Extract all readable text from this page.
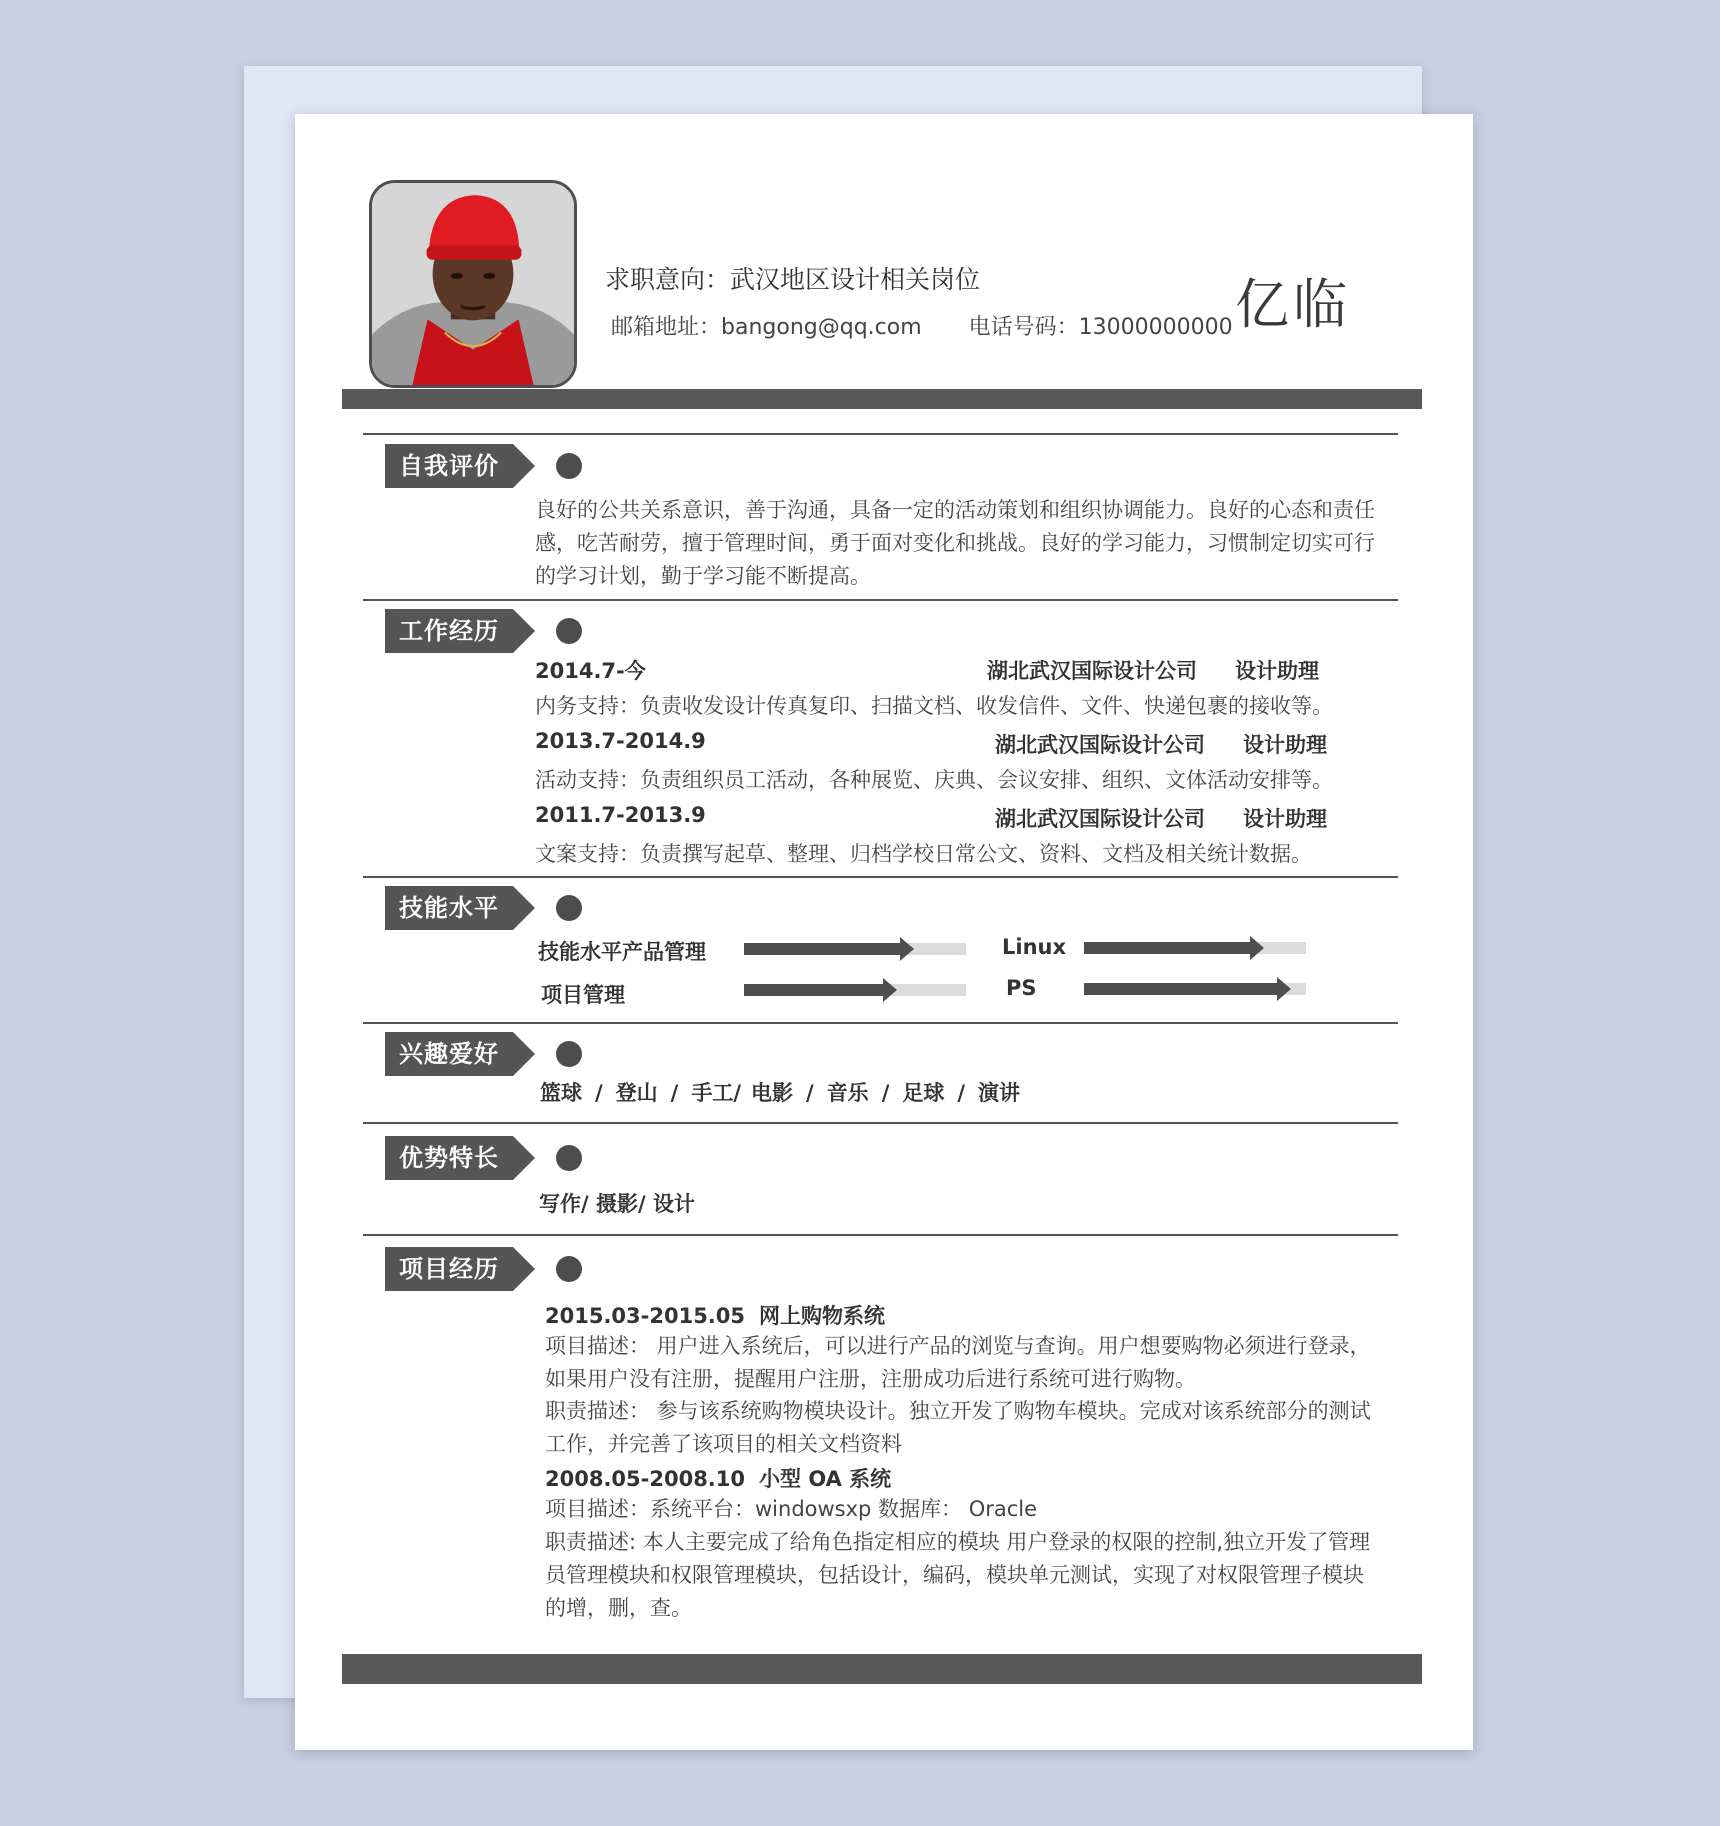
求职意向：武汉地区设计相关岗位
邮箱地址：bangong@qq.com 电话号码：13000000000 亿临
自我评价
良好的公共关系意识，善于沟通，具备一定的活动策划和组织协调能力。良好的心态和责任感，吃苦耐劳，擅于管理时间，勇于面对变化和挑战。良好的学习能力，习惯制定切实可行的学习计划，勤于学习能不断提高。
工作经历
2014.7-今	湖北武汉国际设计公司 设计助理
内务支持：负责收发设计传真复印、扫描文档、收发信件、文件、快递包裹的接收等。
2013.7-2014.9	湖北武汉国际设计公司 设计助理
活动支持：负责组织员工活动，各种展览、庆典、会议安排、组织、文体活动安排等。
2011.7-2013.9	湖北武汉国际设计公司 设计助理
文案支持：负责撰写起草、整理、归档学校日常公文、资料、文档及相关统计数据。
技能水平
技能水平产品管理	Linux
项目管理	PS
兴趣爱好
篮球 / 登山 / 手工/ 电影 / 音乐 / 足球 / 演讲
优势特长
写作/ 摄影/ 设计
项目经历
2015.03-2015.05 网上购物系统
项目描述： 用户进入系统后，可以进行产品的浏览与查询。用户想要购物必须进行登录，如果用户没有注册，提醒用户注册，注册成功后进行系统可进行购物。
职责描述： 参与该系统购物模块设计。独立开发了购物车模块。完成对该系统部分的测试工作，并完善了该项目的相关文档资料
2008.05-2008.10 小型 OA 系统
项目描述：系统平台：windowsxp 数据库： Oracle
职责描述: 本人主要完成了给角色指定相应的模块 用户登录的权限的控制,独立开发了管理员管理模块和权限管理模块，包括设计，编码，模块单元测试，实现了对权限管理子模块的增，删，查。
